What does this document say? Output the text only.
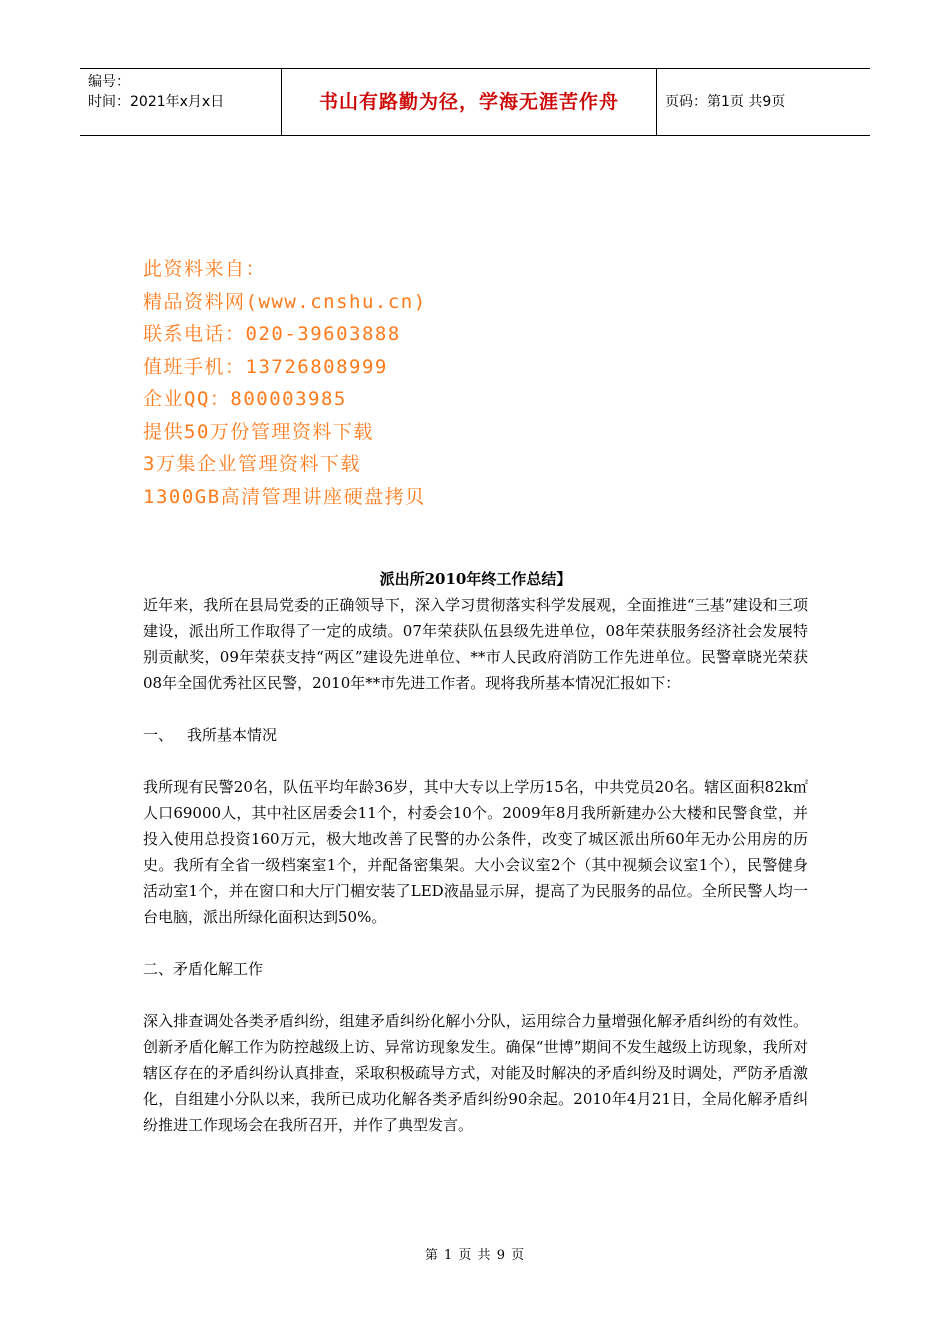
编号：
时间：2021年x月x日	书山有路勤为径，学海无涯苦作舟	页码：第1页 共9页
此资料来自：
精品资料网(www.cnshu.cn)
联系电话：020-39603888
值班手机：13726808999
企业QQ：800003985
提供50万份管理资料下载
3万集企业管理资料下载
1300GB高清管理讲座硬盘拷贝

派出所2010年终工作总结】

近年来，我所在县局党委的正确领导下，深入学习贯彻落实科学发展观，全面推进“三基”建设和三项建设，派出所工作取得了一定的成绩。07年荣获队伍县级先进单位，08年荣获服务经济社会发展特别贡献奖，09年荣获支持“两区”建设先进单位、**市人民政府消防工作先进单位。民警章晓光荣获08年全国优秀社区民警，2010年**市先进工作者。现将我所基本情况汇报如下：

一、 我所基本情况

我所现有民警20名，队伍平均年龄36岁，其中大专以上学历15名，中共党员20名。辖区面积82k㎡ 人口69000人，其中社区居委会11个，村委会10个。2009年8月我所新建办公大楼和民警食堂，并投入使用总投资160万元，极大地改善了民警的办公条件，改变了城区派出所60年无办公用房的历史。我所有全省一级档案室1个，并配备密集架。大小会议室2个（其中视频会议室1个），民警健身活动室1个，并在窗口和大厅门楣安装了LED液晶显示屏，提高了为民服务的品位。全所民警人均一台电脑，派出所绿化面积达到50%。

二、矛盾化解工作

深入排查调处各类矛盾纠纷，组建矛盾纠纷化解小分队，运用综合力量增强化解矛盾纠纷的有效性。创新矛盾化解工作为防控越级上访、异常访现象发生。确保“世博”期间不发生越级上访现象，我所对辖区存在的矛盾纠纷认真排查，采取积极疏导方式，对能及时解决的矛盾纠纷及时调处，严防矛盾激化，自组建小分队以来，我所已成功化解各类矛盾纠纷90余起。2010年4月21日，全局化解矛盾纠纷推进工作现场会在我所召开，并作了典型发言。

第 1 页 共 9 页
